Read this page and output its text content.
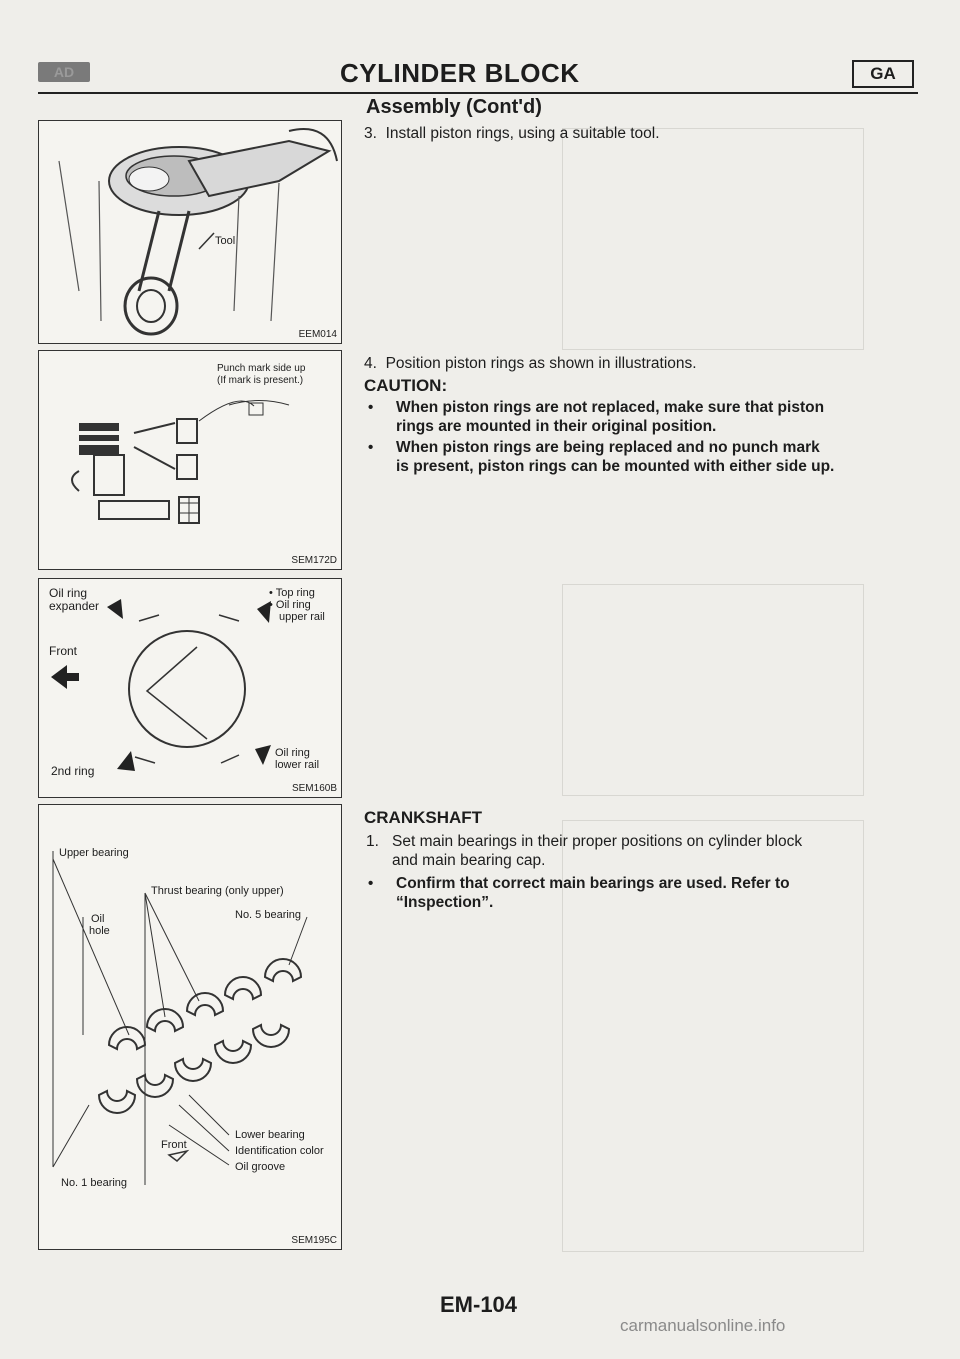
AD	CYLINDER BLOCK	GA
Assembly (Cont'd)
Tool
EEM014
Punch mark side up
(If mark is present.)
SEM172D
Oil ring
expander
Front
• Top ring
• Oil ring
upper rail
2nd ring
Oil ring
lower rail
SEM160B
Upper bearing
Thrust bearing (only upper)
Oil
hole
No. 5 bearing
Lower bearing
Front	Identification color
Oil groove
No. 1 bearing
SEM195C
3. Install piston rings, using a suitable tool.
4. Position piston rings as shown in illustrations.
CAUTION:
•	When piston rings are not replaced, make sure that piston
rings are mounted in their original position.
•	When piston rings are being replaced and no punch mark
is present, piston rings can be mounted with either side up.
CRANKSHAFT
1. Set main bearings in their proper positions on cylinder block
and main bearing cap.
•	Confirm that correct main bearings are used. Refer to
“Inspection”.
EM-104
carmanualsonline.info
